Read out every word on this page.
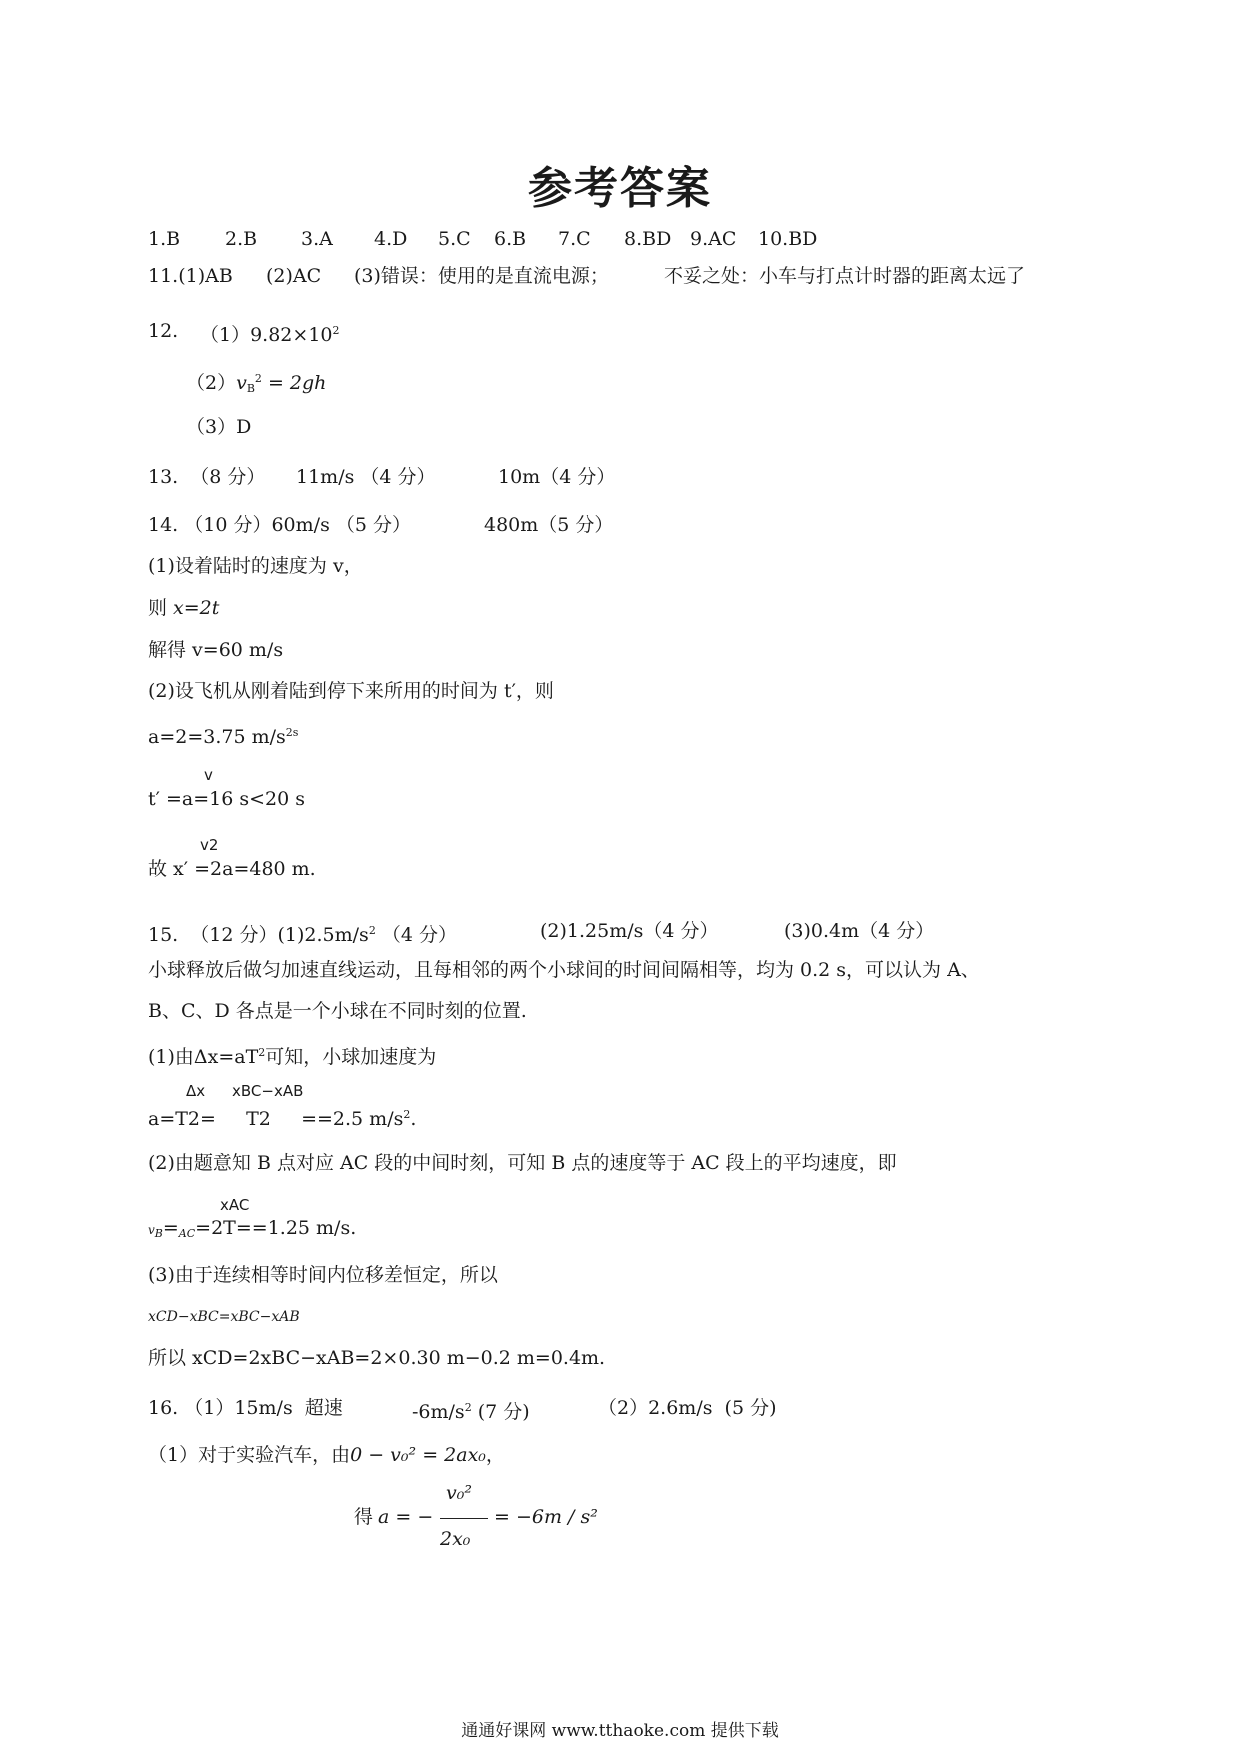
参考答案
1.B 2.B 3.A 4.D 5.C 6.B 7.C 8.BD 9.AC 10.BD
11.(1)AB (2)AC (3)错误：使用的是直流电源；	不妥之处：小车与打点计时器的距离太远了
12. $(1)9.82\times 10^2$
$(2)v_B^2 = 2gh$
（3）D
13.  （8 分） 11m/s （4 分）	10m（4 分）
14. （10 分）60m/s （5 分）	480m（5 分）
(1)设着陆时的速度为 v，
则 x=2t
解得 v=60 m/s
(2)设飞机从刚着陆到停下来所用的时间为 t′，则
a=2=3.75 $m/s^{2s}$
v
t′ =a=16 s<20 s
v2
故 x′ =2a=480 m.
15.  （12 分）$(1)2.5m/s^2$ （4 分）	(2)1.25m/s（4 分）	(3)0.4m（4 分）
小球释放后做匀加速直线运动，且每相邻的两个小球间的时间间隔相等，均为 0.2 s，可以认为 A、
B、C、D 各点是一个小球在不同时刻的位置.
(1)由$\Delta x=aT^2$可知，小球加速度为
Δx xBC−xAB
a=T2=     T2     ==2.5 $m/s^2$.
(2)由题意知 B 点对应 AC 段的中间时刻，可知 B 点的速度等于 AC 段上的平均速度，即
xAC
$v_B=_{AC}=2T==1.25$ m/s.
(3)由于连续相等时间内位移差恒定，所以
xCD−xBC=xBC−xAB
所以 xCD=2xBC−xAB=2×0.30 m−0.2 m=0.4m.
16. （1）15m/s  超速	$-6m/s^2$ (7 分)	（2）2.6m/s  (5 分)
（1）对于实验汽车，由0 − v₀² = 2ax₀，
得 a = −
v₀²
2x₀
= −6m / s²
通通好课网 www.tthaoke.com 提供下载
